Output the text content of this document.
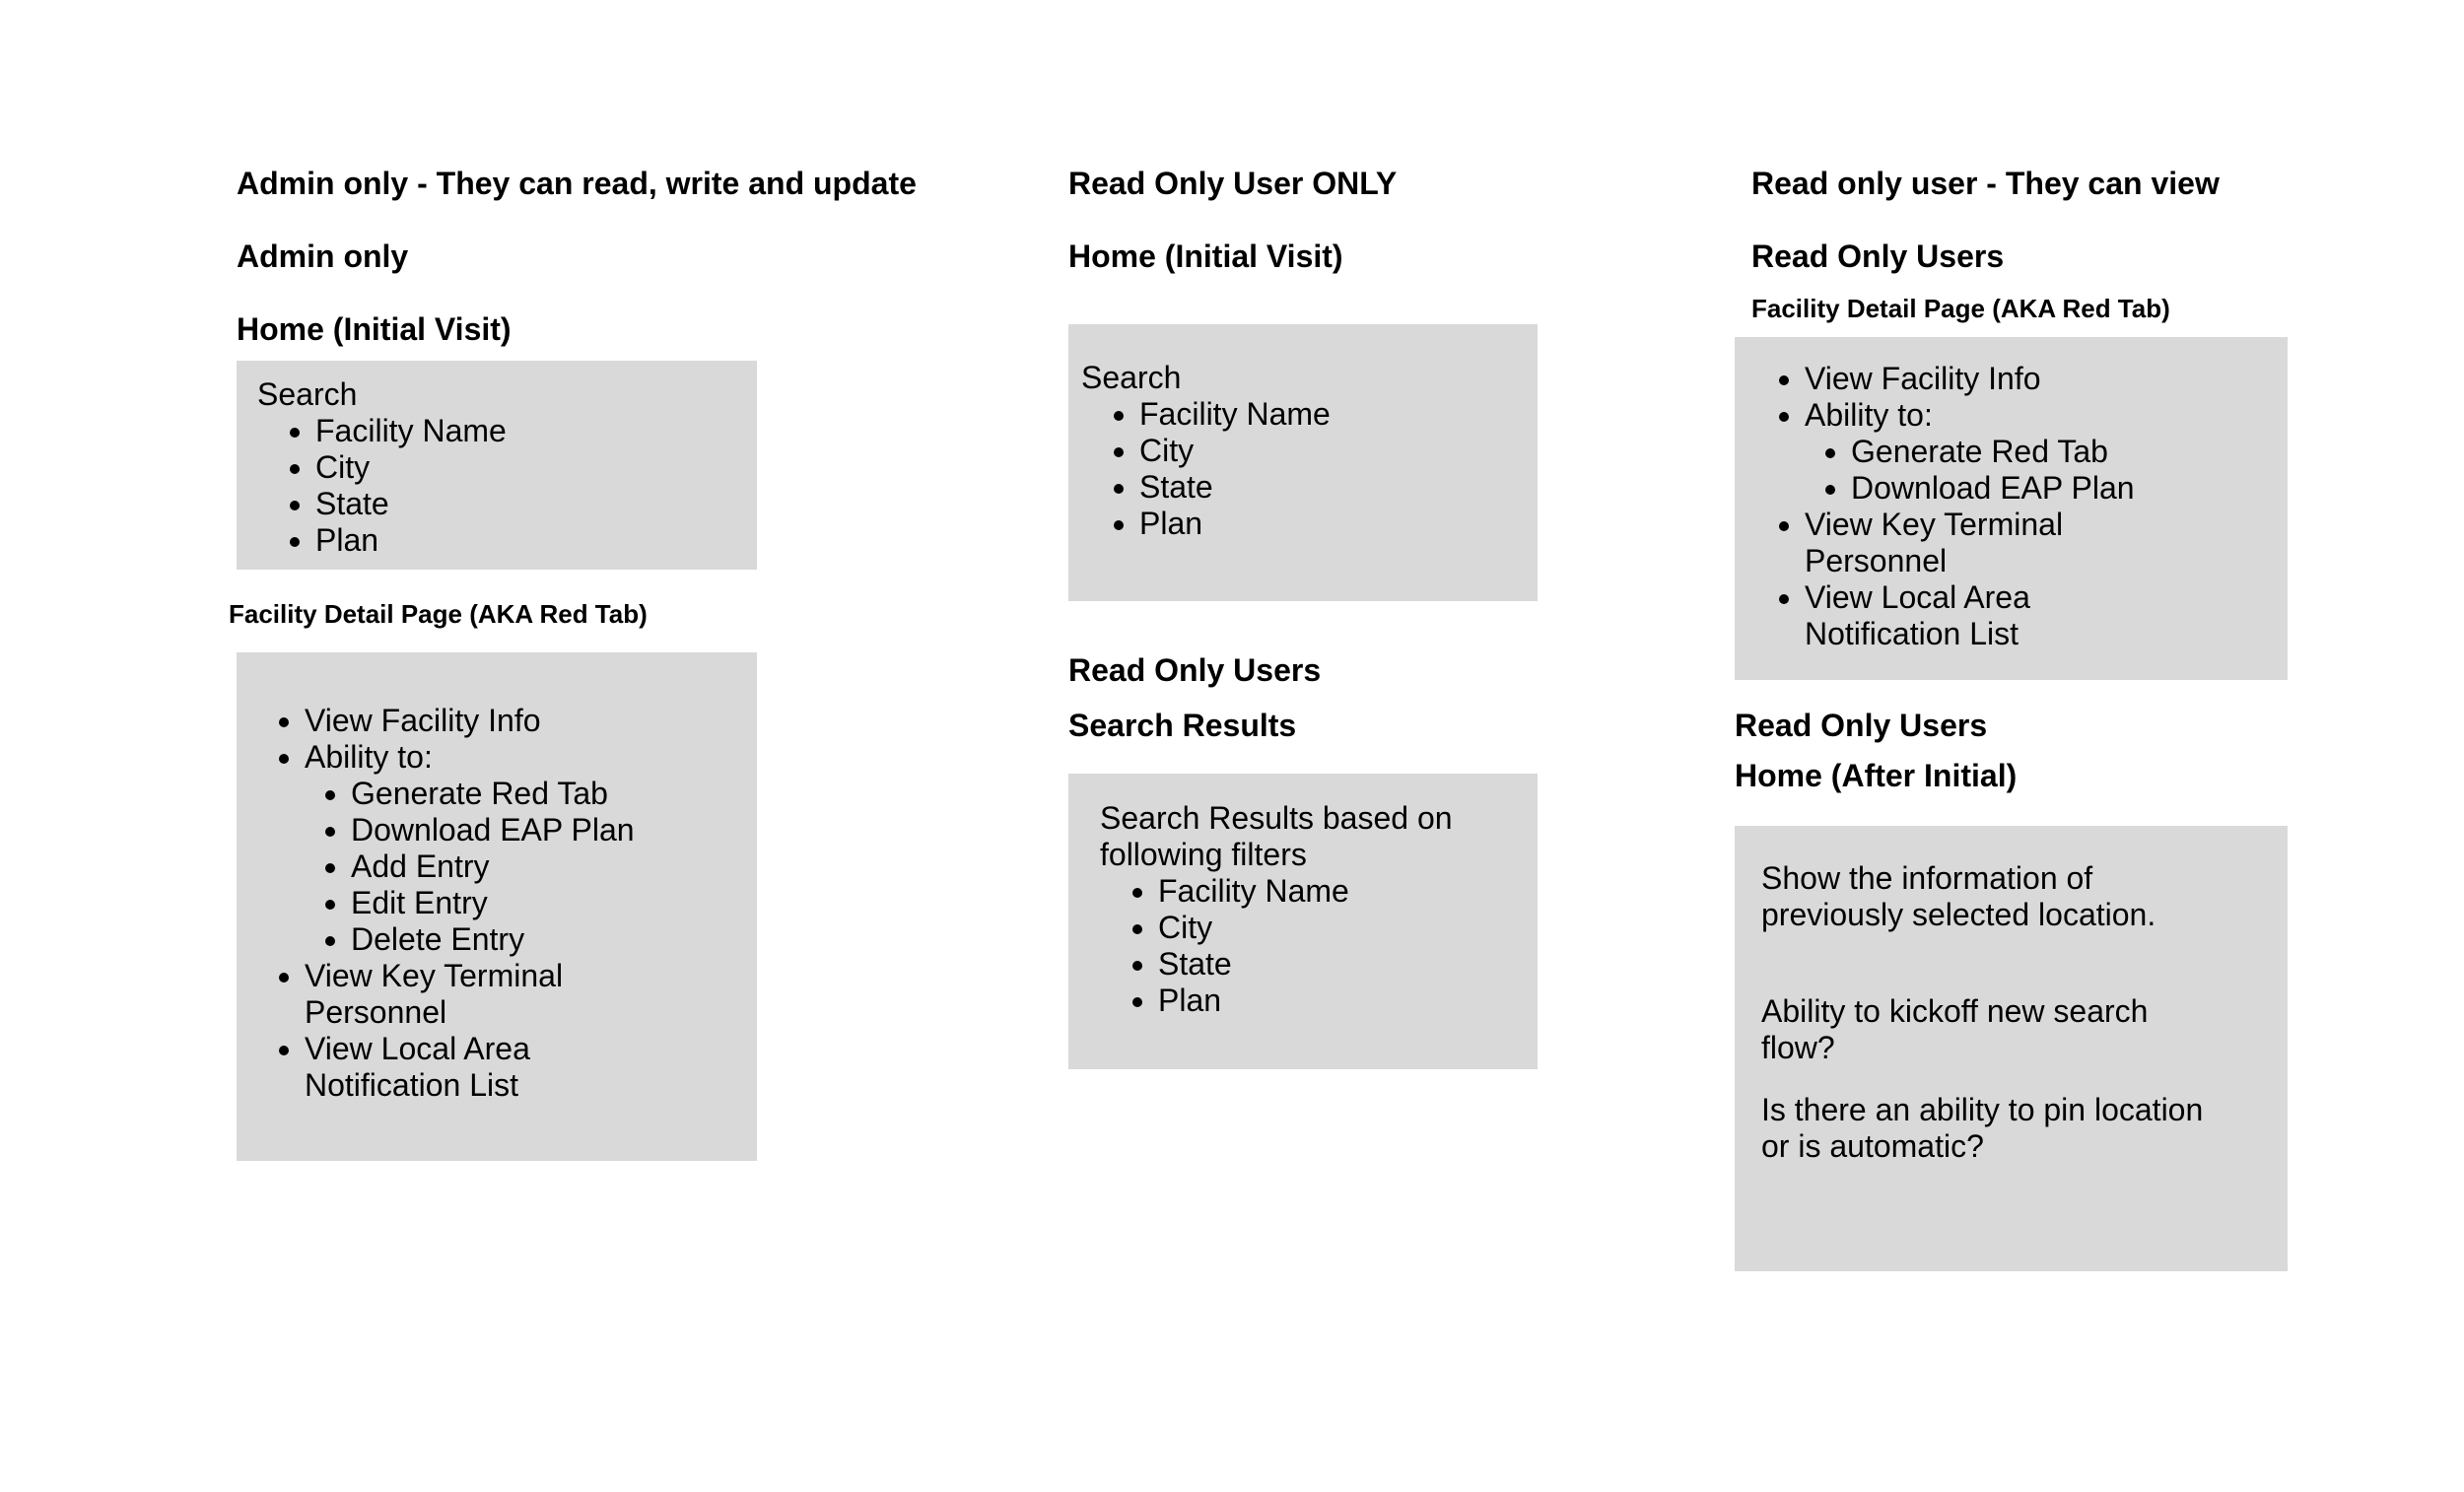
Admin only - They can read, write and update
Admin only
Home (Initial Visit)

Search

• Facility Name
• City
• State
• Plan
Facility Detail Page (AKA Red Tab)
• View Facility Info
• Ability to:
• Generate Red Tab
• Download EAP Plan
• Add Entry
• Edit Entry
• Delete Entry
• View Key Terminal Personnel
• View Local Area Notification List
Read Only User ONLY
Home (Initial Visit)

Search

• Facility Name
• City
• State
• Plan
Read Only Users
Search Results

Search Results based on following filters

• Facility Name
• City
• State
• Plan
Read only user - They can view
Read Only Users
Facility Detail Page (AKA Red Tab)
• View Facility Info
• Ability to:
• Generate Red Tab
• Download EAP Plan
• View Key Terminal Personnel
• View Local Area Notification List
Read Only Users
Home (After Initial)

Show the information of previously selected location.

Ability to kickoff new search flow?

Is there an ability to pin location or is automatic?
